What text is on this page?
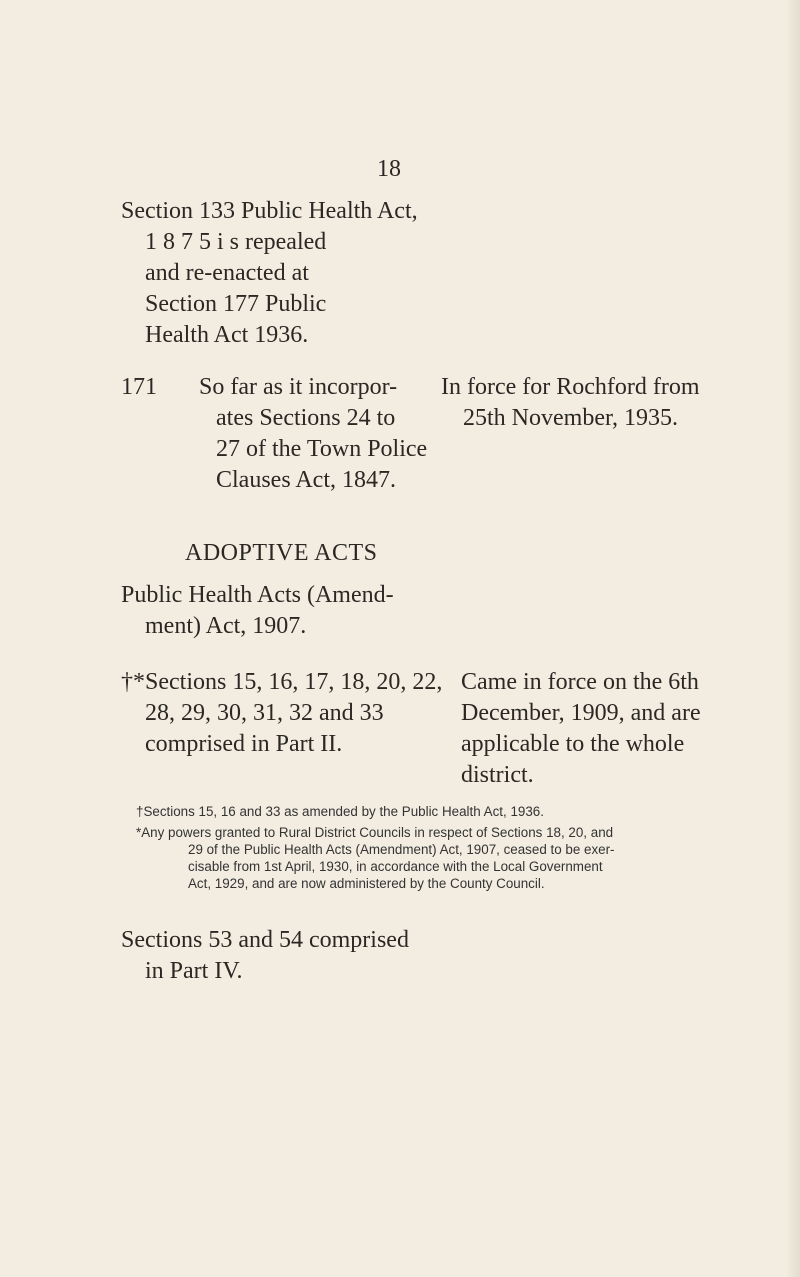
18
Section 133 Public Health Act,
1 8 7 5 i s repealed
and re-enacted at
Section 177 Public
Health Act 1936.
171 So far as it incorpor-
ates Sections 24 to
27 of the Town Police
Clauses Act, 1847.
In force for Rochford from
25th November, 1935.
ADOPTIVE ACTS
Public Health Acts (Amend-
ment) Act, 1907.
†*Sections 15, 16, 17, 18, 20, 22,
28, 29, 30, 31, 32 and 33
comprised in Part II.
Came in force on the 6th
December, 1909, and are
applicable to the whole
district.
†Sections 15, 16 and 33 as amended by the Public Health Act, 1936.
*Any powers granted to Rural District Councils in respect of Sections 18, 20, and
29 of the Public Health Acts (Amendment) Act, 1907, ceased to be exer-
cisable from 1st April, 1930, in accordance with the Local Government
Act, 1929, and are now administered by the County Council.
Sections 53 and 54 comprised
in Part IV.
